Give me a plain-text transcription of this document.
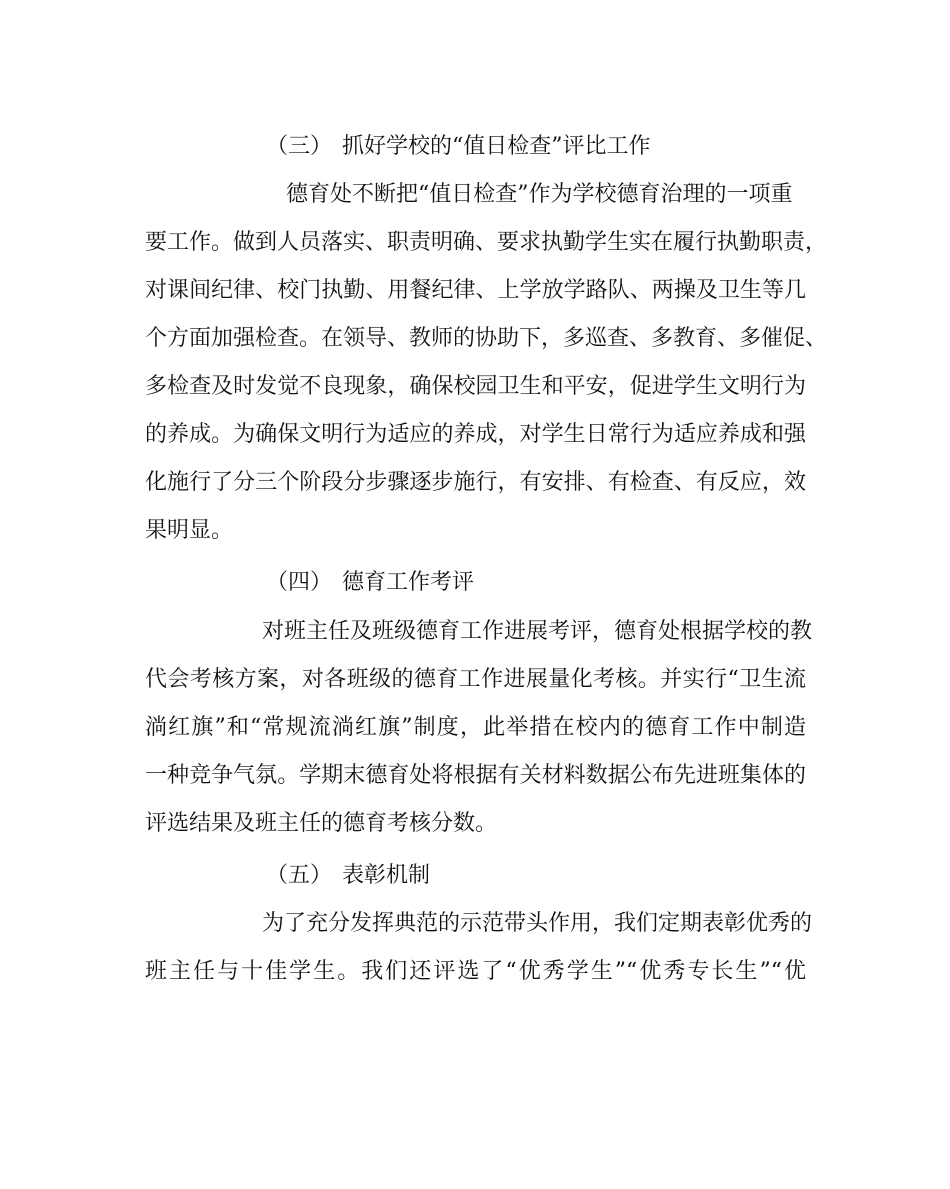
（三） 抓好学校的“值日检查”评比工作

德育处不断把“值日检查”作为学校德育治理的一项重

要工作。做到人员落实、职责明确、要求执勤学生实在履行执勤职责，

对课间纪律、校门执勤、用餐纪律、上学放学路队、两操及卫生等几

个方面加强检查。在领导、教师的协助下，多巡查、多教育、多催促、

多检查及时发觉不良现象，确保校园卫生和平安，促进学生文明行为

的养成。为确保文明行为适应的养成，对学生日常行为适应养成和强

化施行了分三个阶段分步骤逐步施行，有安排、有检查、有反应，效

果明显。

（四） 德育工作考评

对班主任及班级德育工作进展考评，德育处根据学校的教

代会考核方案，对各班级的德育工作进展量化考核。并实行“卫生流

淌红旗”和“常规流淌红旗”制度，此举措在校内的德育工作中制造

一种竞争气氛。学期末德育处将根据有关材料数据公布先进班集体的

评选结果及班主任的德育考核分数。

（五） 表彰机制

为了充分发挥典范的示范带头作用，我们定期表彰优秀的

班主任与十佳学生。我们还评选了“优秀学生”“优秀专长生”“优
